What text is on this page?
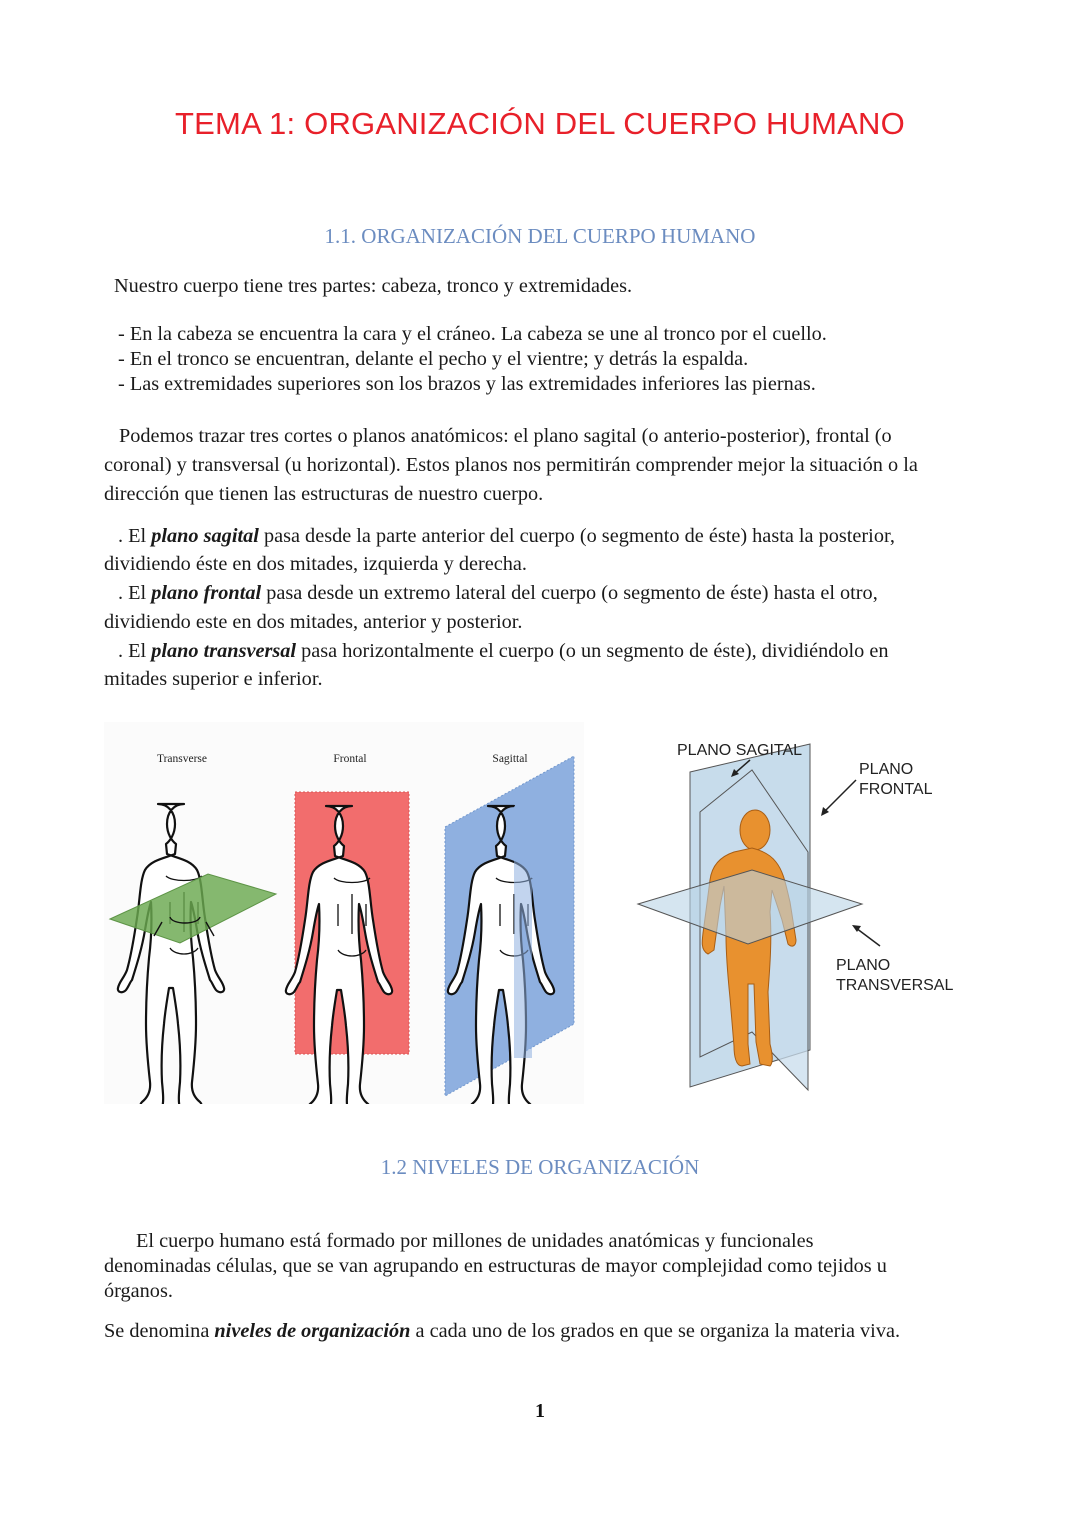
TEMA 1: ORGANIZACIÓN DEL CUERPO HUMANO
1.1. ORGANIZACIÓN DEL CUERPO HUMANO

Nuestro cuerpo tiene tres partes: cabeza, tronco y extremidades.

- En la cabeza se encuentra la cara y el cráneo. La cabeza se une al tronco por el cuello.
- En el tronco se encuentran, delante el pecho y el vientre; y detrás la espalda.
- Las extremidades superiores son los brazos y las extremidades inferiores las piernas.

Podemos trazar tres cortes o planos anatómicos: el plano sagital (o anterio-posterior), frontal (o

coronal) y transversal (u horizontal). Estos planos nos permitirán comprender mejor la situación o la

dirección que tienen las estructuras de nuestro cuerpo.

. El plano sagital pasa desde la parte anterior del cuerpo (o segmento de éste) hasta la posterior,

dividiendo éste en dos mitades, izquierda y derecha.

. El plano frontal pasa desde un extremo lateral del cuerpo (o segmento de éste) hasta el otro,

dividiendo este en dos mitades, anterior y posterior.

. El plano transversal pasa horizontalmente el cuerpo (o un segmento de éste), dividiéndolo en

mitades superior e inferior.

Transverse	Frontal	Sagittal	PLANO SAGITAL
PLANO
FRONTAL
PLANO
TRANSVERSAL
1.2 NIVELES DE ORGANIZACIÓN

El cuerpo humano está formado por millones de unidades anatómicas y funcionales

denominadas células, que se van agrupando en estructuras de mayor complejidad como tejidos u

órganos.

Se denomina niveles de organización a cada uno de los grados en que se organiza la materia viva.

1
